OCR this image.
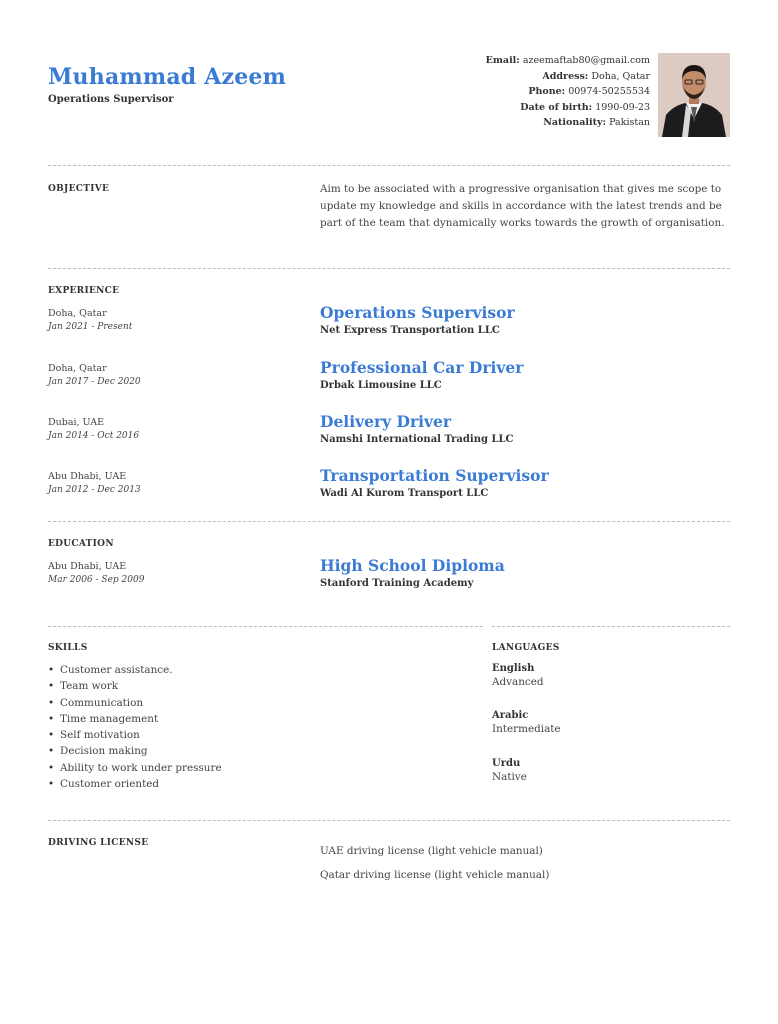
Muhammad Azeem
Operations Supervisor
Email: azeemaftab80@gmail.com
Address: Doha, Qatar
Phone: 00974-50255534
Date of birth: 1990-09-23
Nationality: Pakistan
OBJECTIVE	Aim to be associated with a progressive organisation that gives me scope to update my knowledge and skills in accordance with the latest trends and be part of the team that dynamically works towards the growth of organisation.
EXPERIENCE
Doha, Qatar
Jan 2021 - Present
Operations Supervisor
Net Express Transportation LLC
Doha, Qatar
Jan 2017 - Dec 2020
Professional Car Driver
Drbak Limousine LLC
Dubai, UAE
Jan 2014 - Oct 2016
Delivery Driver
Namshi International Trading LLC
Abu Dhabi, UAE
Jan 2012 - Dec 2013
Transportation Supervisor
Wadi Al Kurom Transport LLC
EDUCATION
Abu Dhabi, UAE
Mar 2006 - Sep 2009
High School Diploma
Stanford Training Academy
SKILLS
• Customer assistance.
• Team work
• Communication
• Time management
• Self motivation
• Decision making
• Ability to work under pressure
• Customer oriented
LANGUAGES
English
Advanced
Arabic
Intermediate
Urdu
Native
DRIVING LICENSE
UAE driving license (light vehicle manual)
Qatar driving license (light vehicle manual)
